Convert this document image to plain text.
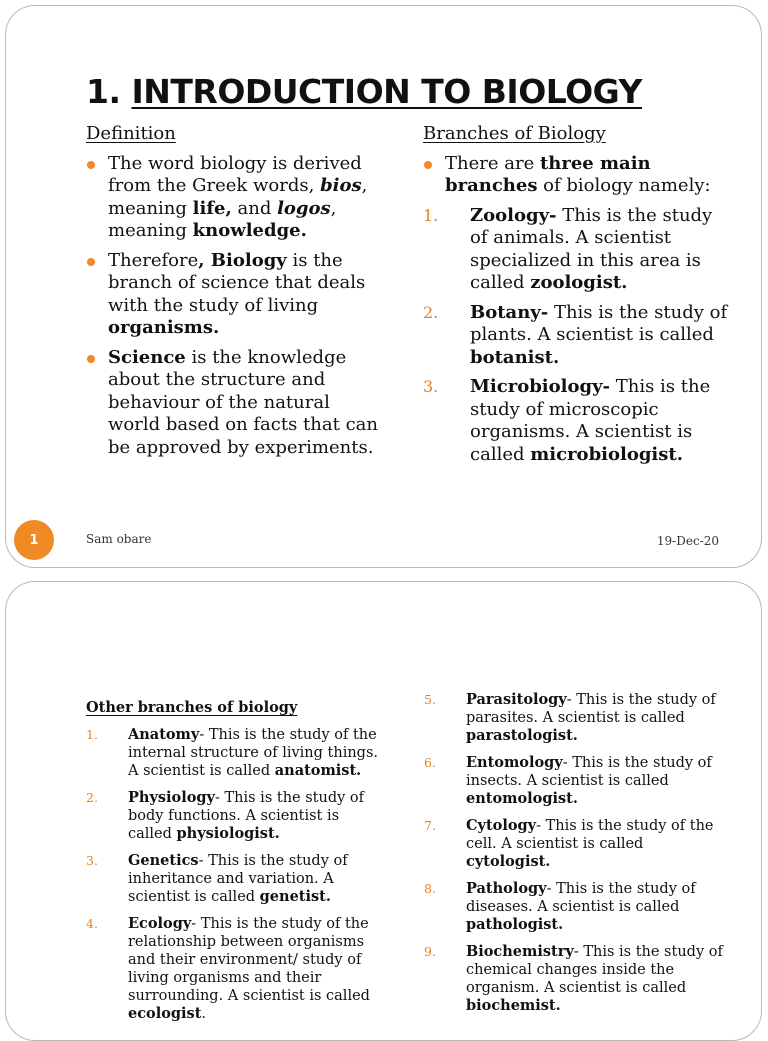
1. INTRODUCTION TO BIOLOGY

Definition

The word biology is derived from the Greek words, bios, meaning life, and logos, meaning knowledge.
Therefore, Biology is the branch of science that deals with the study of living organisms.
Science is the knowledge about the structure and behaviour of the natural world based on facts that can be approved by experiments.

Branches of Biology

There are three main branches of biology namely:
1. Zoology- This is the study of animals. A scientist specialized in this area is called zoologist.
2. Botany- This is the study of plants. A scientist is called botanist.
3. Microbiology- This is the study of microscopic organisms. A scientist is called microbiologist.
1	Sam obare	19-Dec-20

Other branches of biology

1. Anatomy- This is the study of the internal structure of living things. A scientist is called anatomist.
2. Physiology- This is the study of body functions. A scientist is called physiologist.
3. Genetics- This is the study of inheritance and variation. A scientist is called genetist.
4. Ecology- This is the study of the relationship between organisms and their environment/ study of living organisms and their surrounding. A scientist is called ecologist.
5. Parasitology- This is the study of parasites. A scientist is called parastologist.
6. Entomology- This is the study of insects. A scientist is called entomologist.
7. Cytology- This is the study of the cell. A scientist is called cytologist.
8. Pathology- This is the study of diseases. A scientist is called pathologist.
9. Biochemistry- This is the study of chemical changes inside the organism. A scientist is called biochemist.
